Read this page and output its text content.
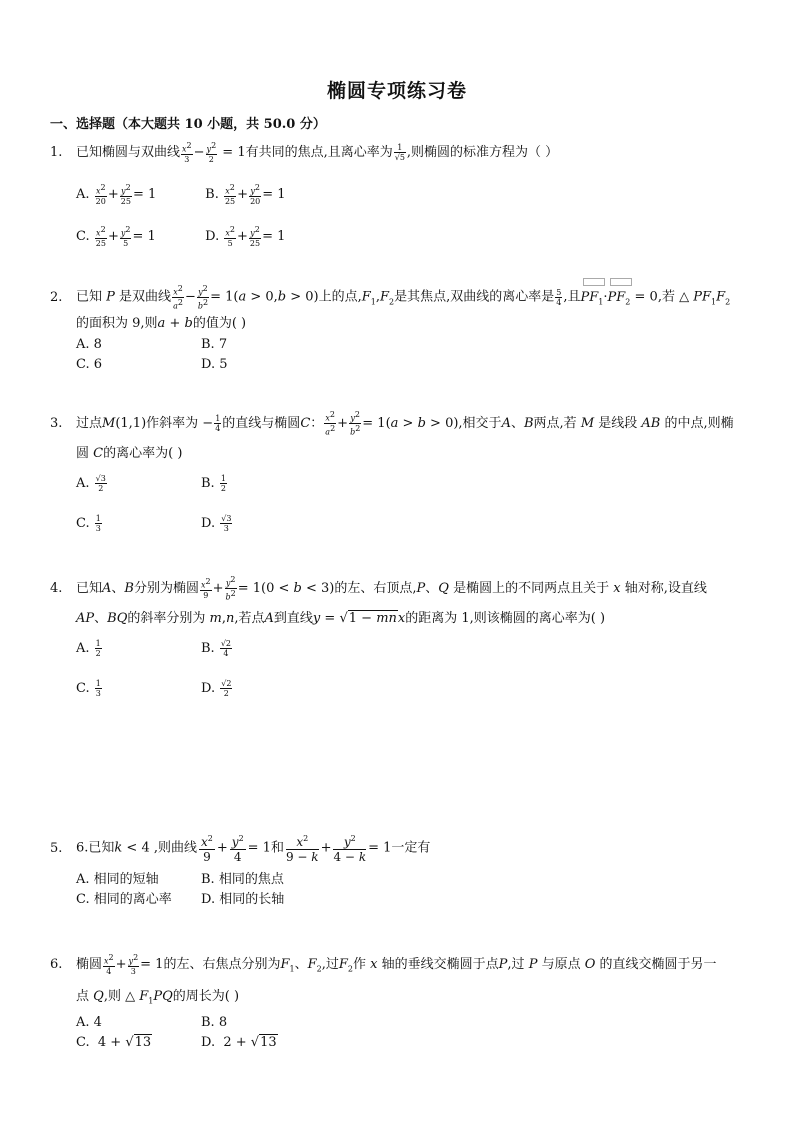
椭圆专项练习卷
一、选择题（本大题共 10 小题，共 50.0 分）
1. 已知椭圆与双曲线 $\frac{x^2}{3} - \frac{y^2}{2} = 1$有共同的焦点,且离心率为 $\frac{1}{√5}$ ,则椭圆的标准方程为（ ）
A. $\frac{x^2}{20} + \frac{y^2}{25} = 1$	B. $\frac{x^2}{25} + \frac{y^2}{20} = 1$
C. $\frac{x^2}{25} + \frac{y^2}{5} = 1$	D. $\frac{x^2}{5} + \frac{y^2}{25} = 1$
2. 已知 P 是双曲线 $\frac{x^2}{a^2} - \frac{y^2}{b^2} = 1(a > 0,b > 0)$上的点$,F_1,F_2$是其焦点,双曲线的离心率是 $\frac{5}{4}$ ,且
$PF_1\cdot$
$PF_2 = 0$,若 △ $PF_1F_2$
的面积为 9,则a + b的值为( )
A. 8	B. 7
C. 6	D. 5
3. 过点M(1,1)作斜率为 − $\frac{1}{4}$ 的直线与椭圆C： $\frac{x^2}{a^2} + \frac{y^2}{b^2} = 1(a > b > 0)$,相交于A、B两点,若 M 是线段 AB 的中点,则椭
圆 C的离心率为( )
A. $\frac{√3}{2}$	B. $\frac{1}{2}$
C. $\frac{1}{3}$	D. $\frac{√3}{3}$
4. 已知A、B分别为椭圆 $\frac{x^2}{9} + \frac{y^2}{b^2} = 1(0 < b < 3)$的左、右顶点,P、Q 是椭圆上的不同两点且关于 x 轴对称,设直线
AP、BQ的斜率分别为 m,n,若点A到直线y = √1 − mnx的距离为 1,则该椭圆的离心率为( )
A. $\frac{1}{2}$	B. $\frac{√2}{4}$
C. $\frac{1}{3}$	D. $\frac{√2}{2}$
5. 6.已知k < 4 ,则曲线 $\frac{x^2}{9} + \frac{y^2}{4} = 1$和 $\frac{x^2}{9 - k} + \frac{y^2}{4 - k} = 1$一定有
A. 相同的短轴	B. 相同的焦点
C. 相同的离心率 D. 相同的长轴
6. 椭圆 $\frac{x^2}{4} + \frac{y^2}{3} = 1$的左、右焦点分别为$F_1$、$F_2$,过$F_2$作 x 轴的垂线交椭圆于点P,过 P 与原点 O 的直线交椭圆于另一
点 Q,则 △ $F_1PQ$的周长为( )
A. 4	B. 8
C.  4 + √13	D.  2 + √13
